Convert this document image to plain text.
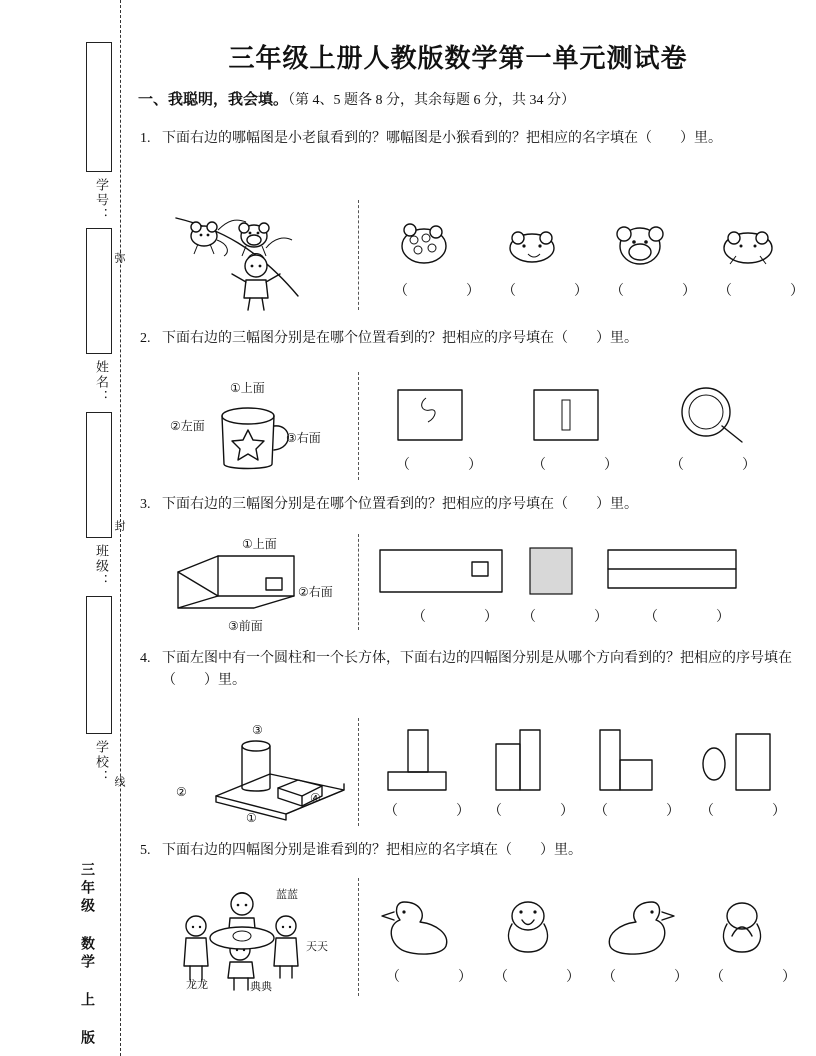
学号：
姓名：
班级：
学校：
弥
封
线
三年级 数学 上 版
三年级上册人教版数学第一单元测试卷
一、我聪明，我会填。（第 4、5 题各 8 分，其余每题 6 分，共 34 分）
1. 下面右边的哪幅图是小老鼠看到的？哪幅图是小猴看到的？把相应的名字填在（　　）里。
（　　） （　　） （　　） （　　）
2. 下面右边的三幅图分别是在哪个位置看到的？把相应的序号填在（　　）里。
①上面
②左面
③右面
（　　）	（　　）	（　　）
3. 下面右边的三幅图分别是在哪个位置看到的？把相应的序号填在（　　）里。
①上面
②右面
③前面
（　　） （　　） （　　）
4. 下面左图中有一个圆柱和一个长方体，下面右边的四幅图分别是从哪个方向看到的？把相应的序号填在（　　）里。
③
②
①
④
（　　） （　　） （　　） （　　）
5. 下面右边的四幅图分别是谁看到的？把相应的名字填在（　　）里。
蓝蓝
天天
龙龙	典典
（　　） （　　） （　　） （　　）
